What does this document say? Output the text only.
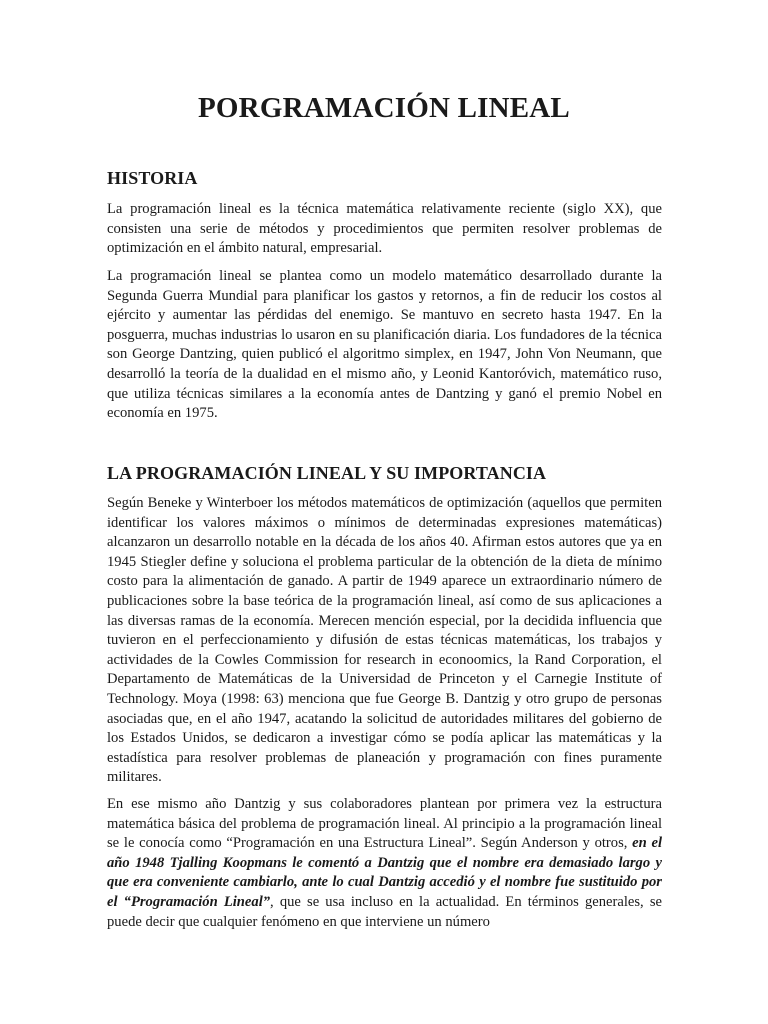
PORGRAMACIÓN LINEAL
HISTORIA

La programación lineal es la técnica matemática relativamente reciente (siglo XX), que consisten una serie de métodos y procedimientos que permiten resolver problemas de optimización en el ámbito natural, empresarial.

La programación lineal se plantea como un modelo matemático desarrollado durante la Segunda Guerra Mundial para planificar los gastos y retornos, a fin de reducir los costos al ejército y aumentar las pérdidas del enemigo. Se mantuvo en secreto hasta 1947. En la posguerra, muchas industrias lo usaron en su planificación diaria. Los fundadores de la técnica son George Dantzing, quien publicó el algoritmo simplex, en 1947, John Von Neumann, que desarrolló la teoría de la dualidad en el mismo año, y Leonid Kantoróvich, matemático ruso, que utiliza técnicas similares a la economía antes de Dantzing y ganó el premio Nobel en economía en 1975.

LA PROGRAMACIÓN LINEAL Y SU IMPORTANCIA

Según Beneke y Winterboer los métodos matemáticos de optimización (aquellos que permiten identificar los valores máximos o mínimos de determinadas expresiones matemáticas) alcanzaron un desarrollo notable en la década de los años 40. Afirman estos autores que ya en 1945 Stiegler define y soluciona el problema particular de la obtención de la dieta de mínimo costo para la alimentación de ganado. A partir de 1949 aparece un extraordinario número de publicaciones sobre la base teórica de la programación lineal, así como de sus aplicaciones a las diversas ramas de la economía. Merecen mención especial, por la decidida influencia que tuvieron en el perfeccionamiento y difusión de estas técnicas matemáticas, los trabajos y actividades de la Cowles Commission for research in econoomics, la Rand Corporation, el Departamento de Matemáticas de la Universidad de Princeton y el Carnegie Institute of Technology. Moya (1998: 63) menciona que fue George B. Dantzig y otro grupo de personas asociadas que, en el año 1947, acatando la solicitud de autoridades militares del gobierno de los Estados Unidos, se dedicaron a investigar cómo se podía aplicar las matemáticas y la estadística para resolver problemas de planeación y programación con fines puramente militares.

En ese mismo año Dantzig y sus colaboradores plantean por primera vez la estructura matemática básica del problema de programación lineal. Al principio a la programación lineal se le conocía como “Programación en una Estructura Lineal”. Según Anderson y otros, en el año 1948 Tjalling Koopmans le comentó a Dantzig que el nombre era demasiado largo y que era conveniente cambiarlo, ante lo cual Dantzig accedió y el nombre fue sustituido por el “Programación Lineal”, que se usa incluso en la actualidad. En términos generales, se puede decir que cualquier fenómeno en que interviene un número
